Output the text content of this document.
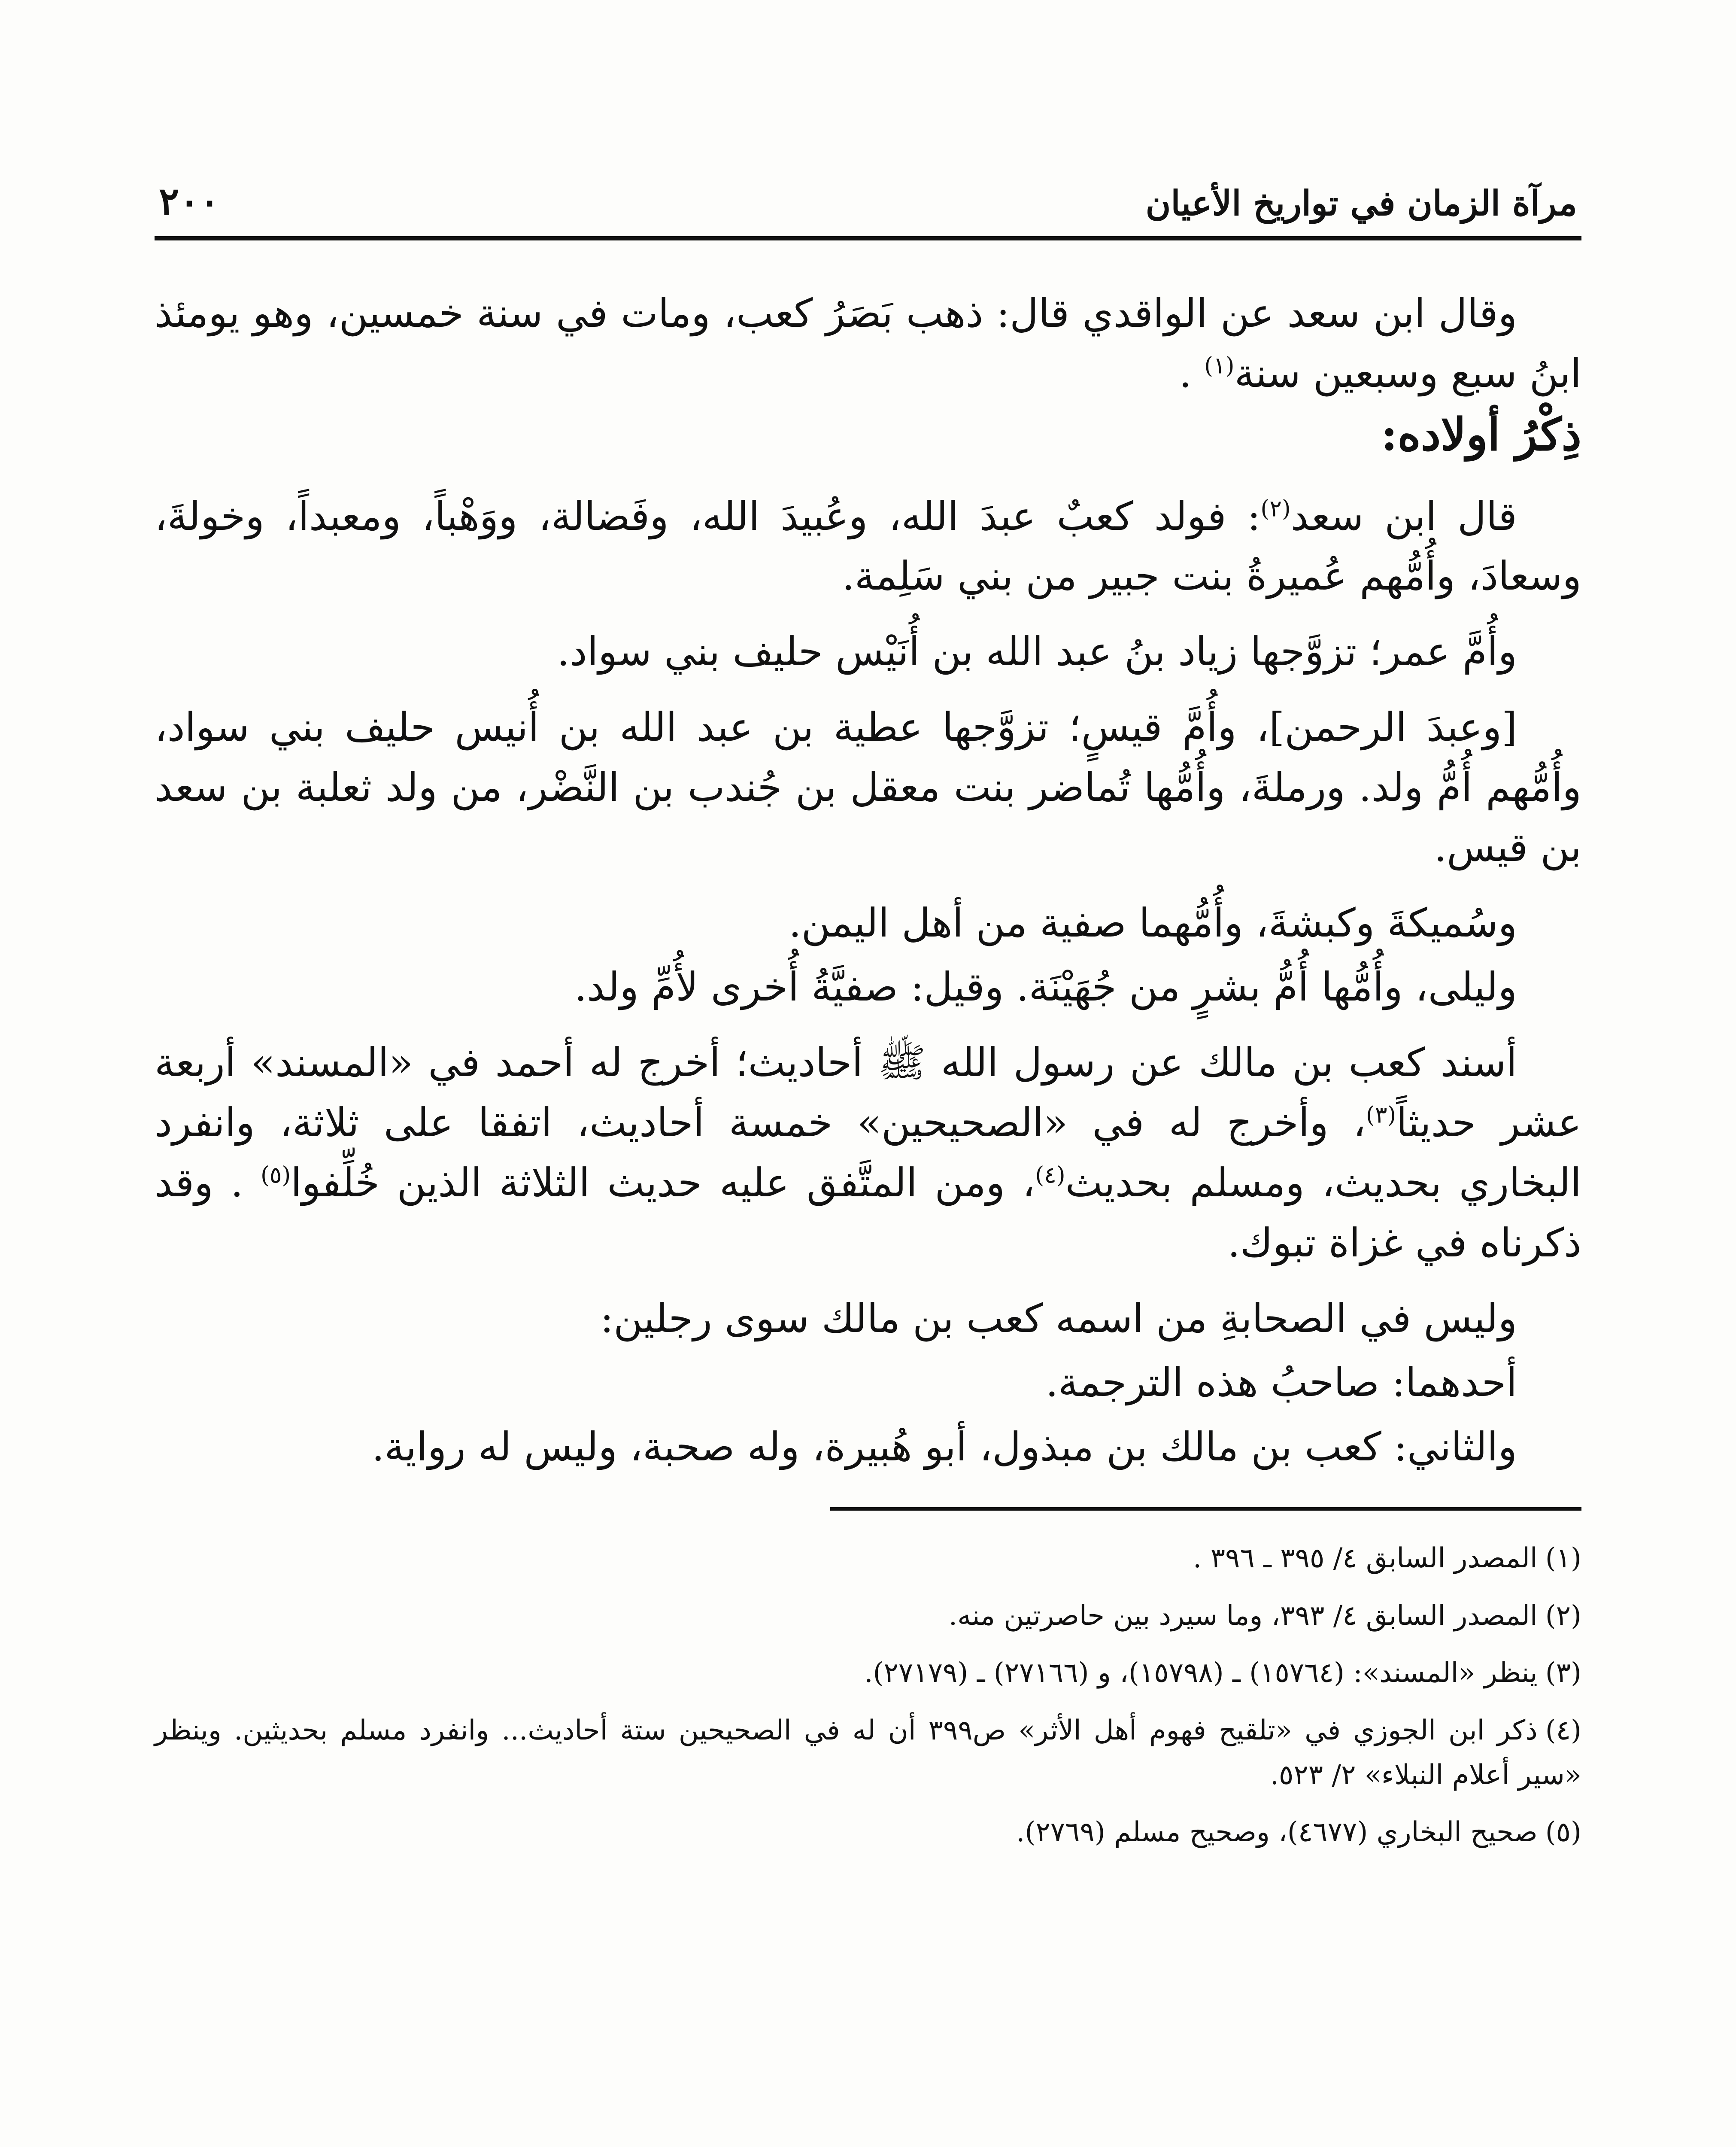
مرآة الزمان في تواريخ الأعيان
٢٠٠

وقال ابن سعد عن الواقدي قال: ذهب بَصَرُ كعب، ومات في سنة خمسين، وهو يومئذ ابنُ سبع وسبعين سنة$^{(١)}$ .

ذِكْرُ أولاده:

قال ابن سعد$^{(٢)}$: فولد كعبٌ عبدَ الله، وعُبيدَ الله، وفَضالة، ووَهْباً، ومعبداً، وخولةَ، وسعادَ، وأُمُّهم عُميرةُ بنت جبير من بني سَلِمة.

وأُمَّ عمر؛ تزوَّجها زياد بنُ عبد الله بن أُنَيْس حليف بني سواد.

[وعبدَ الرحمن]، وأُمَّ قيسٍ؛ تزوَّجها عطية بن عبد الله بن أُنيس حليف بني سواد، وأُمُّهم أُمُّ ولد. ورملةَ، وأُمُّها تُماضر بنت معقل بن جُندب بن النَّضْر، من ولد ثعلبة بن سعد بن قيس.

وسُميكةَ وكبشةَ، وأُمُّهما صفية من أهل اليمن.

وليلى، وأُمُّها أُمُّ بشرٍ من جُهَيْنَة. وقيل: صفيَّةُ أُخرى لأُمِّ ولد.

أسند كعب بن مالك عن رسول الله ﷺ أحاديث؛ أخرج له أحمد في «المسند» أربعة عشر حديثاً$^{(٣)}$، وأخرج له في «الصحيحين» خمسة أحاديث، اتفقا على ثلاثة، وانفرد البخاري بحديث، ومسلم بحديث$^{(٤)}$، ومن المتَّفق عليه حديث الثلاثة الذين خُلِّفوا$^{(٥)}$ . وقد ذكرناه في غزاة تبوك.

وليس في الصحابةِ من اسمه كعب بن مالك سوى رجلين:

أحدهما: صاحبُ هذه الترجمة.

والثاني: كعب بن مالك بن مبذول، أبو هُبيرة، وله صحبة، وليس له رواية.

(١)المصدر السابق ٤/ ٣٩٥ ـ ٣٩٦ .

(٢)المصدر السابق ٤/ ٣٩٣، وما سيرد بين حاصرتين منه.

(٣)ينظر «المسند»: (١٥٧٦٤) ـ (١٥٧٩٨)، و (٢٧١٦٦) ـ (٢٧١٧٩).

(٤)ذكر ابن الجوزي في «تلقيح فهوم أهل الأثر» ص٣٩٩ أن له في الصحيحين ستة أحاديث... وانفرد مسلم بحديثين. وينظر «سير أعلام النبلاء» ٢/ ٥٢٣.

(٥)صحيح البخاري (٤٦٧٧)، وصحيح مسلم (٢٧٦٩).
